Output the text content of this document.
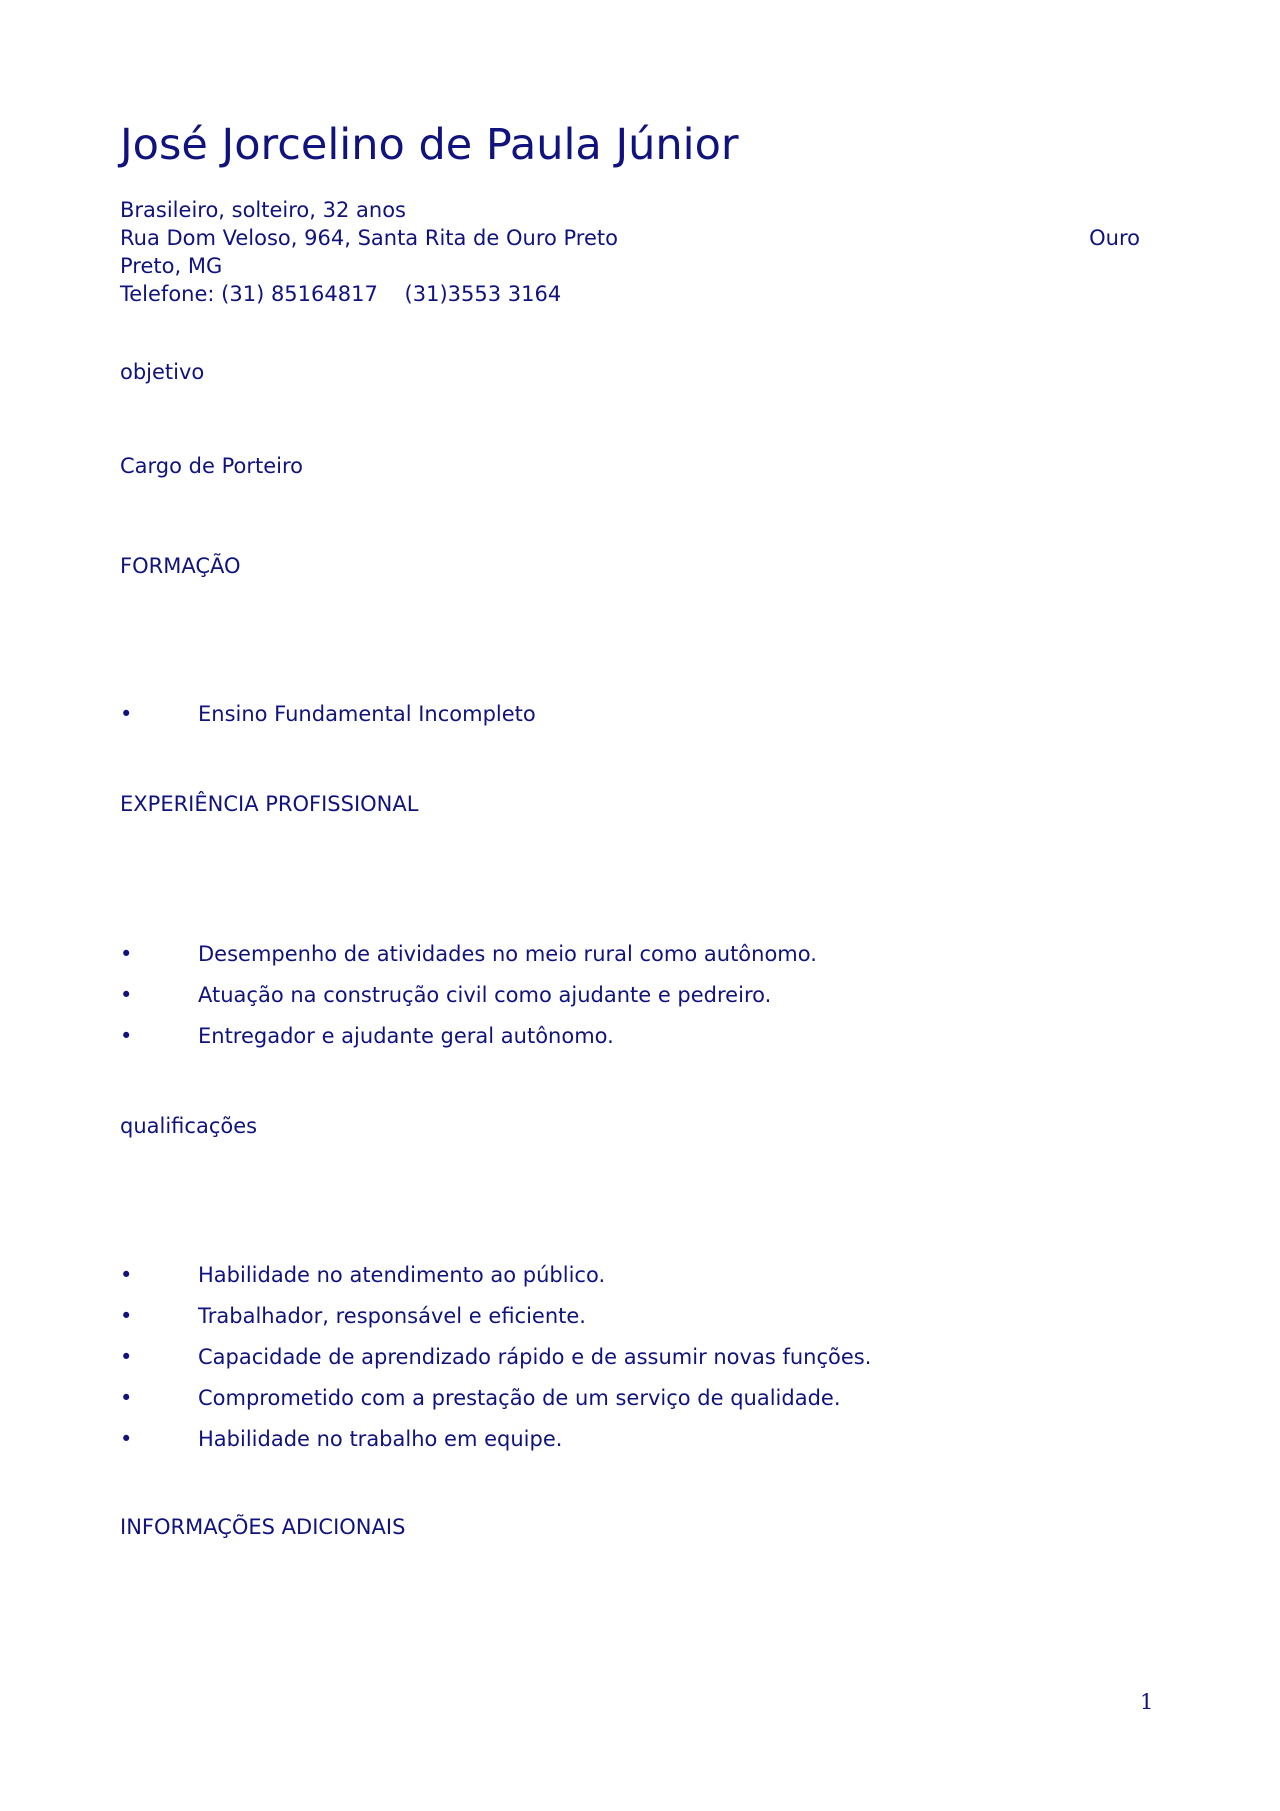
José Jorcelino de Paula Júnior
Brasileiro, solteiro, 32 anos
Rua Dom Veloso, 964, Santa Rita de Ouro Preto	Ouro
Preto, MG
Telefone: (31) 85164817    (31)3553 3164
objetivo
Cargo de Porteiro
FORMAÇÃO
•	Ensino Fundamental Incompleto
EXPERIÊNCIA PROFISSIONAL
•	Desempenho de atividades no meio rural como autônomo.
•	Atuação na construção civil como ajudante e pedreiro.
•	Entregador e ajudante geral autônomo.
qualificações
•	Habilidade no atendimento ao público.
•	Trabalhador, responsável e eficiente.
•	Capacidade de aprendizado rápido e de assumir novas funções.
•	Comprometido com a prestação de um serviço de qualidade.
•	Habilidade no trabalho em equipe.
INFORMAÇÕES ADICIONAIS
1
